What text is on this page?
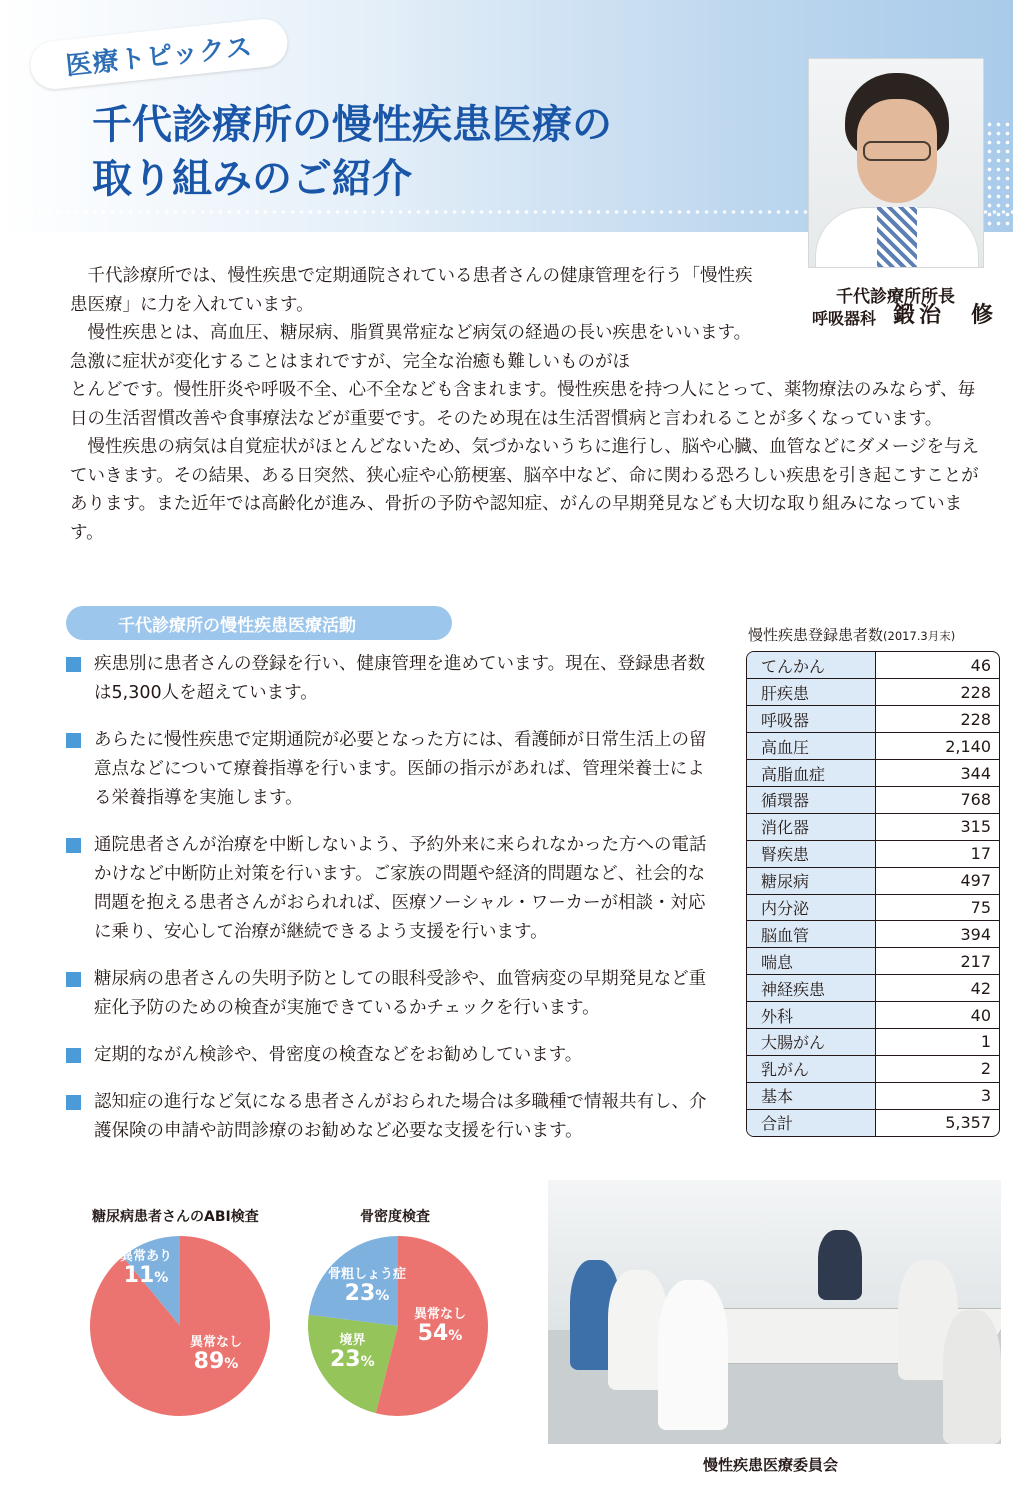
医療トピックス
千代診療所の慢性疾患医療の
取り組みのご紹介
千代診療所所長
呼吸器科 鍛治　修

千代診療所では、慢性疾患で定期通院されている患者さんの健康管理を行う「慢性疾患医療」に力を入れています。

慢性疾患とは、高血圧、糖尿病、脂質異常症など病気の経過の長い疾患をいいます。急激に症状が変化することはまれですが、完全な治癒も難しいものがほ

とんどです。慢性肝炎や呼吸不全、心不全なども含まれます。慢性疾患を持つ人にとって、薬物療法のみならず、毎日の生活習慣改善や食事療法などが重要です。そのため現在は生活習慣病と言われることが多くなっています。

慢性疾患の病気は自覚症状がほとんどないため、気づかないうちに進行し、脳や心臓、血管などにダメージを与えていきます。その結果、ある日突然、狭心症や心筋梗塞、脳卒中など、命に関わる恐ろしい疾患を引き起こすことがあります。また近年では高齢化が進み、骨折の予防や認知症、がんの早期発見なども大切な取り組みになっています。

千代診療所の慢性疾患医療活動
疾患別に患者さんの登録を行い、健康管理を進めています。現在、登録患者数は5,300人を超えています。
あらたに慢性疾患で定期通院が必要となった方には、看護師が日常生活上の留意点などについて療養指導を行います。医師の指示があれば、管理栄養士による栄養指導を実施します。
通院患者さんが治療を中断しないよう、予約外来に来られなかった方への電話かけなど中断防止対策を行います。ご家族の問題や経済的問題など、社会的な問題を抱える患者さんがおられれば、医療ソーシャル・ワーカーが相談・対応に乗り、安心して治療が継続できるよう支援を行います。
糖尿病の患者さんの失明予防としての眼科受診や、血管病変の早期発見など重症化予防のための検査が実施できているかチェックを行います。
定期的ながん検診や、骨密度の検査などをお勧めしています。
認知症の進行など気になる患者さんがおられた場合は多職種で情報共有し、介護保険の申請や訪問診療のお勧めなど必要な支援を行います。
慢性疾患登録患者数(2017.3月末)
てんかん	46
肝疾患	228
呼吸器	228
高血圧	2,140
高脂血症	344
循環器	768
消化器	315
腎疾患	17
糖尿病	497
内分泌	75
脳血管	394
喘息	217
神経疾患	42
外科	40
大腸がん	1
乳がん	2
基本	3
合計	5,357
糖尿病患者さんのABI検査
異常あり
11%
異常なし
89%
骨密度検査
異常なし
54%
境界
23%
骨粗しょう症
23%
慢性疾患医療委員会
